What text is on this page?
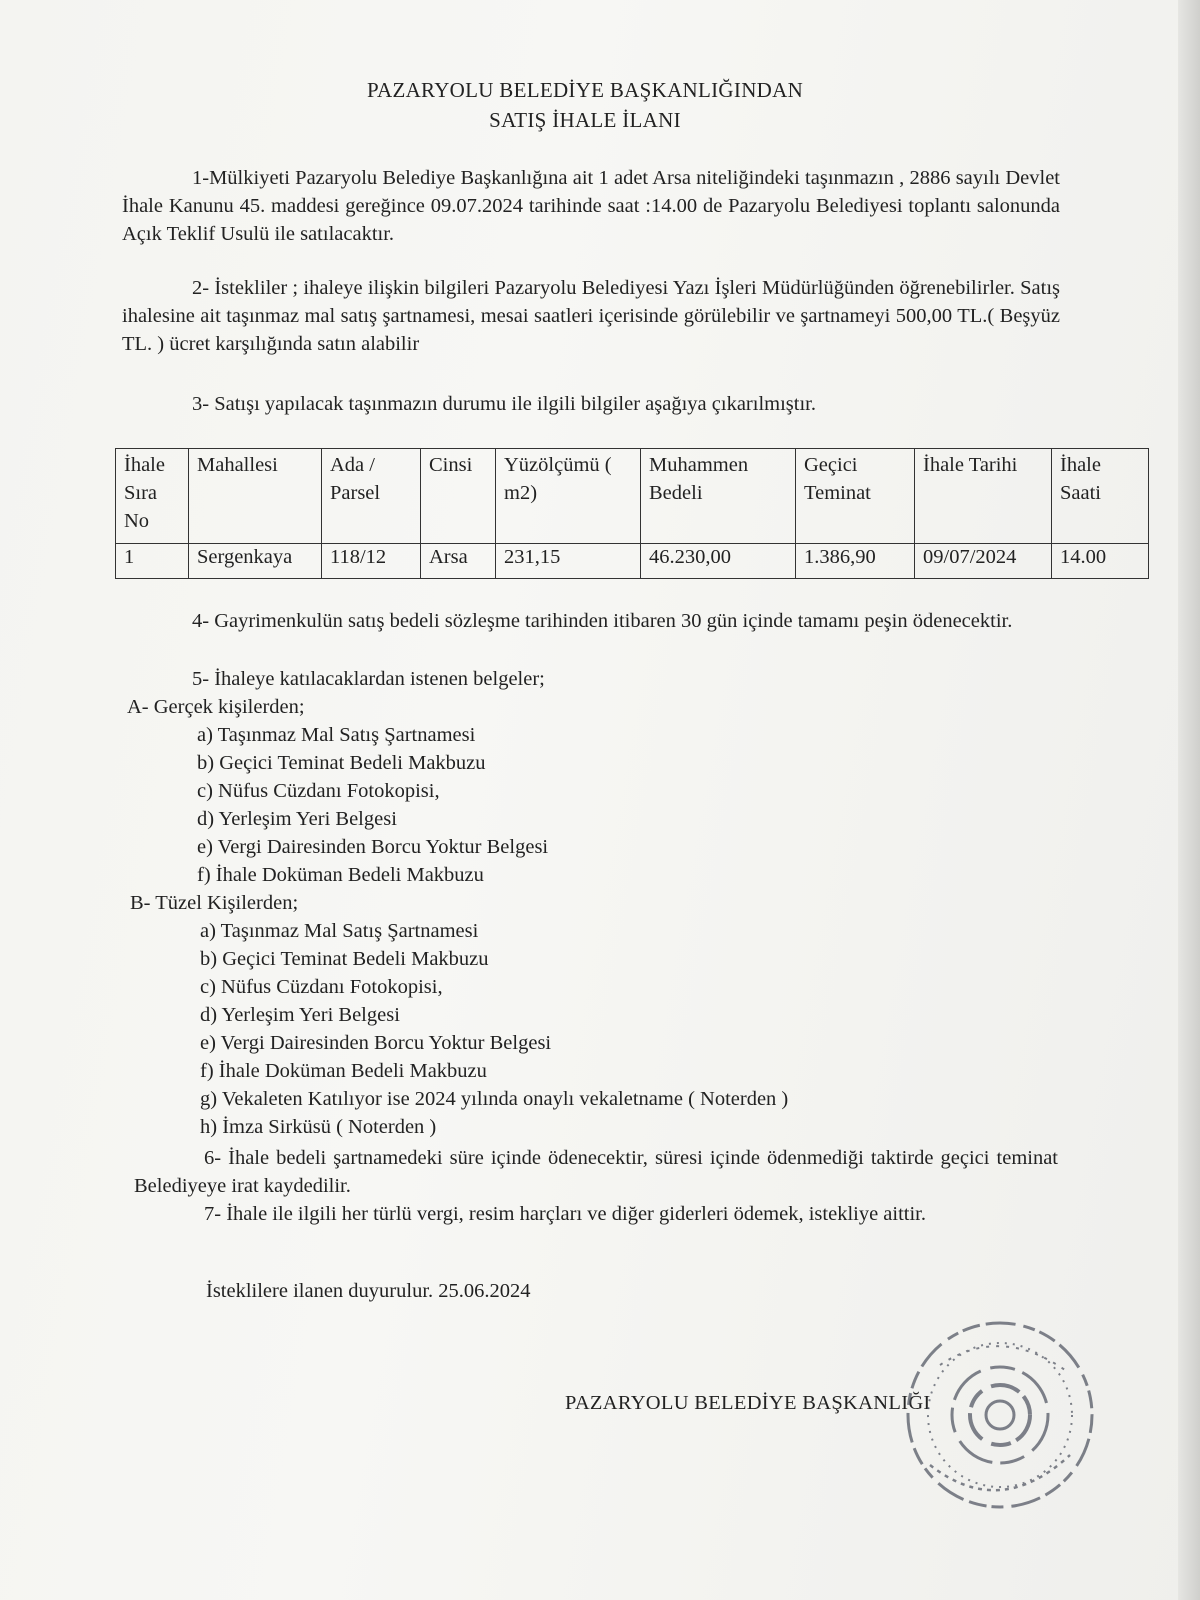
PAZARYOLU BELEDİYE BAŞKANLIĞINDAN
SATIŞ İHALE İLANI
1-Mülkiyeti Pazaryolu Belediye Başkanlığına ait 1 adet Arsa niteliğindeki taşınmazın , 2886 sayılı Devlet İhale Kanunu 45. maddesi gereğince 09.07.2024 tarihinde saat :14.00 de Pazaryolu Belediyesi toplantı salonunda Açık Teklif Usulü ile satılacaktır.
2- İstekliler ; ihaleye ilişkin bilgileri Pazaryolu Belediyesi Yazı İşleri Müdürlüğünden öğrenebilirler. Satış ihalesine ait taşınmaz mal satış şartnamesi, mesai saatleri içerisinde görülebilir ve şartnameyi 500,00 TL.( Beşyüz TL. ) ücret karşılığında satın alabilir
3- Satışı yapılacak taşınmazın durumu ile ilgili bilgiler aşağıya çıkarılmıştır.
İhale Sıra No	Mahallesi	Ada / Parsel	Cinsi	Yüzölçümü ( m2)	Muhammen Bedeli	Geçici Teminat	İhale Tarihi	İhale Saati
1	Sergenkaya	118/12	Arsa	231,15	46.230,00	1.386,90	09/07/2024	14.00
4- Gayrimenkulün satış bedeli sözleşme tarihinden itibaren 30 gün içinde tamamı peşin ödenecektir.
5- İhaleye katılacaklardan istenen belgeler;
A- Gerçek kişilerden;
a) Taşınmaz Mal Satış Şartnamesi
b) Geçici Teminat Bedeli Makbuzu
c) Nüfus Cüzdanı Fotokopisi,
d) Yerleşim Yeri Belgesi
e) Vergi Dairesinden Borcu Yoktur Belgesi
f) İhale Doküman Bedeli Makbuzu
B- Tüzel Kişilerden;
a) Taşınmaz Mal Satış Şartnamesi
b) Geçici Teminat Bedeli Makbuzu
c) Nüfus Cüzdanı Fotokopisi,
d) Yerleşim Yeri Belgesi
e) Vergi Dairesinden Borcu Yoktur Belgesi
f) İhale Doküman Bedeli Makbuzu
g) Vekaleten Katılıyor ise 2024 yılında onaylı vekaletname ( Noterden )
h) İmza Sirküsü ( Noterden )
6- İhale bedeli şartnamedeki süre içinde ödenecektir, süresi içinde ödenmediği taktirde geçici teminat Belediyeye irat kaydedilir.
7- İhale ile ilgili her türlü vergi, resim harçları ve diğer giderleri ödemek, istekliye aittir.
İsteklilere ilanen duyurulur. 25.06.2024
PAZARYOLU BELEDİYE BAŞKANLIĞI
